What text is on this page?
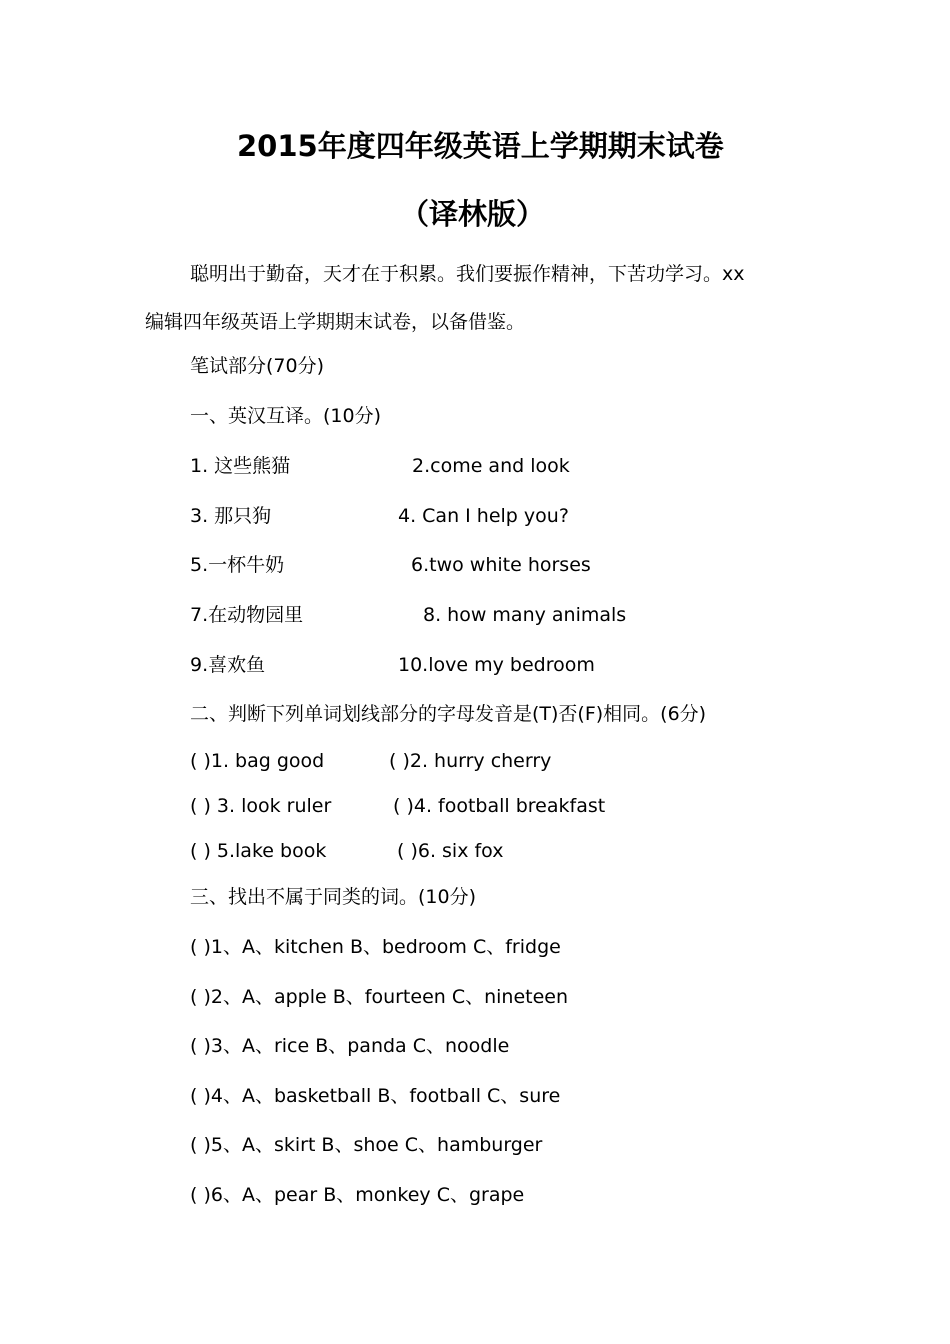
2015年度四年级英语上学期期末试卷
（译林版）
聪明出于勤奋，天才在于积累。我们要振作精神，下苦功学习。xx
编辑四年级英语上学期期末试卷，以备借鉴。
笔试部分(70分)
一、英汉互译。(10分)
1. 这些熊猫	2.come and look
3. 那只狗	4. Can I help you?
5.一杯牛奶	6.two white horses
7.在动物园里	8. how many animals
9.喜欢鱼	10.love my bedroom
二、判断下列单词划线部分的字母发音是(T)否(F)相同。(6分)
( )1. bag good	( )2. hurry cherry
( ) 3. look ruler	( )4. football breakfast
( ) 5.lake book	( )6. six fox
三、找出不属于同类的词。(10分)
( )1、A、kitchen B、bedroom C、fridge
( )2、A、apple B、fourteen C、nineteen
( )3、A、rice B、panda C、noodle
( )4、A、basketball B、football C、sure
( )5、A、skirt B、shoe C、hamburger
( )6、A、pear B、monkey C、grape
